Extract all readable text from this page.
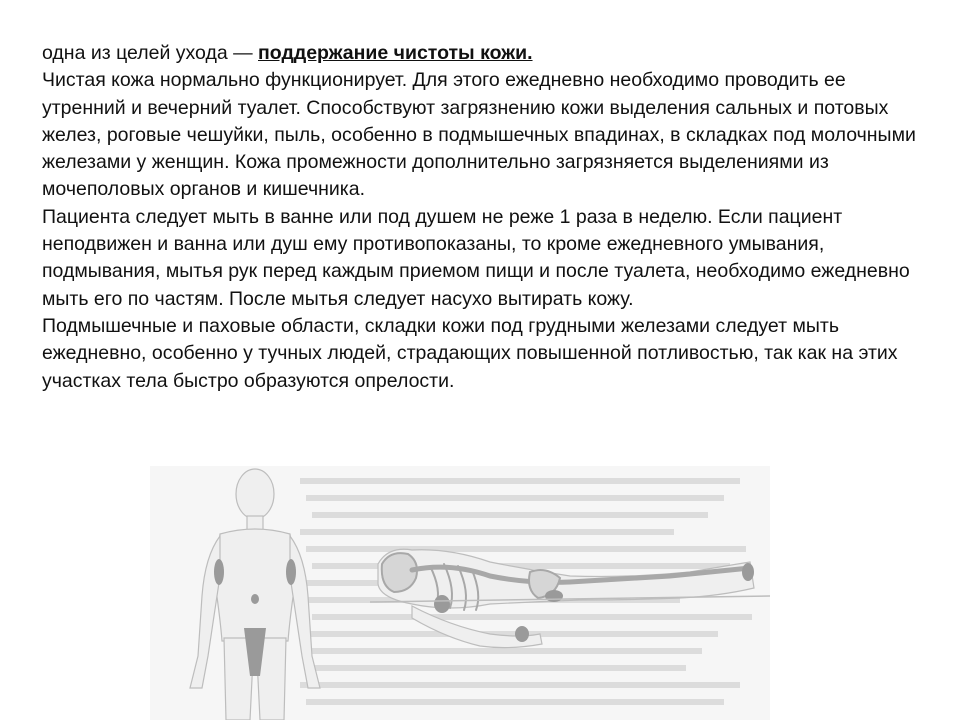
одна из целей ухода — поддержание чистоты кожи.

Чистая кожа нормально функционирует. Для этого ежедневно необходимо проводить ее утренний и вечерний туалет. Способствуют загрязнению кожи выделения сальных и потовых желез, роговые чешуйки, пыль, особенно в подмышечных впадинах, в складках под молочными железами у женщин. Кожа промежности дополнительно загрязняется выделениями из мочеполовых органов и кишечника.

Пациента следует мыть в ванне или под душем не реже 1 раза в неделю. Если пациент неподвижен и ванна или душ ему противопоказаны, то кроме ежедневного умывания, подмывания, мытья рук перед каждым приемом пищи и после туалета, необходимо ежедневно мыть его по частям. После мытья следует насухо вытирать кожу.

Подмышечные и паховые области, складки кожи под грудными железами следует мыть ежедневно, особенно у тучных людей, страдающих повышенной потливостью, так как на этих участках тела быстро образуются опрелости.
